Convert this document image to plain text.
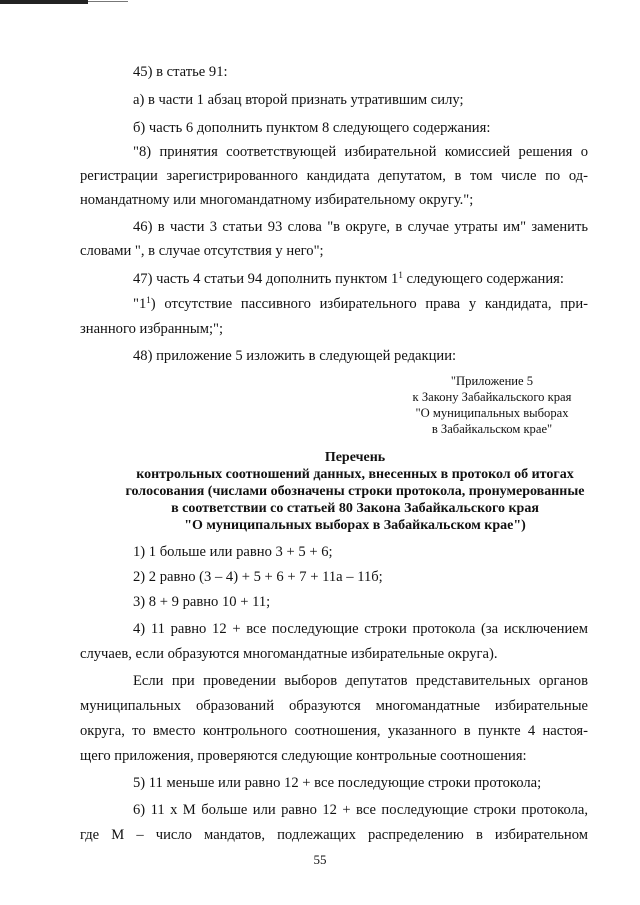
45) в статье 91:
а) в части 1 абзац второй признать утратившим силу;
б) часть 6 дополнить пунктом 8 следующего содержания:
"8) принятия соответствующей избирательной комиссией решения о
регистрации зарегистрированного кандидата депутатом, в том числе по од-
номандатному или многомандатному избирательному округу.";
46) в части 3 статьи 93 слова "в округе, в случае утраты им" заменить
словами ", в случае отсутствия у него";
47) часть 4 статьи 94 дополнить пунктом $1^1$ следующего содержания:
"$1^1$) отсутствие пассивного избирательного права у кандидата, при-
знанного избранным;";
48) приложение 5 изложить в следующей редакции:
"Приложение 5
к Закону Забайкальского края
"О муниципальных выборах
в Забайкальском крае"
Перечень
контрольных соотношений данных, внесенных в протокол об итогах
голосования (числами обозначены строки протокола, пронумерованные
в соответствии со статьей 80 Закона Забайкальского края
"О муниципальных выборах в Забайкальском крае")
1) 1 больше или равно 3 + 5 + 6;
2) 2 равно (3 – 4) + 5 + 6 + 7 + 11а – 11б;
3) 8 + 9 равно 10 + 11;
4) 11 равно 12 + все последующие строки протокола (за исключением
случаев, если образуются многомандатные избирательные округа).
Если при проведении выборов депутатов представительных органов
муниципальных образований образуются многомандатные избирательные
округа, то вместо контрольного соотношения, указанного в пункте 4 настоя-
щего приложения, проверяются следующие контрольные соотношения:
5) 11 меньше или равно 12 + все последующие строки протокола;
6) 11 х М больше или равно 12 + все последующие строки протокола,
где М – число мандатов, подлежащих распределению в избирательном
55
